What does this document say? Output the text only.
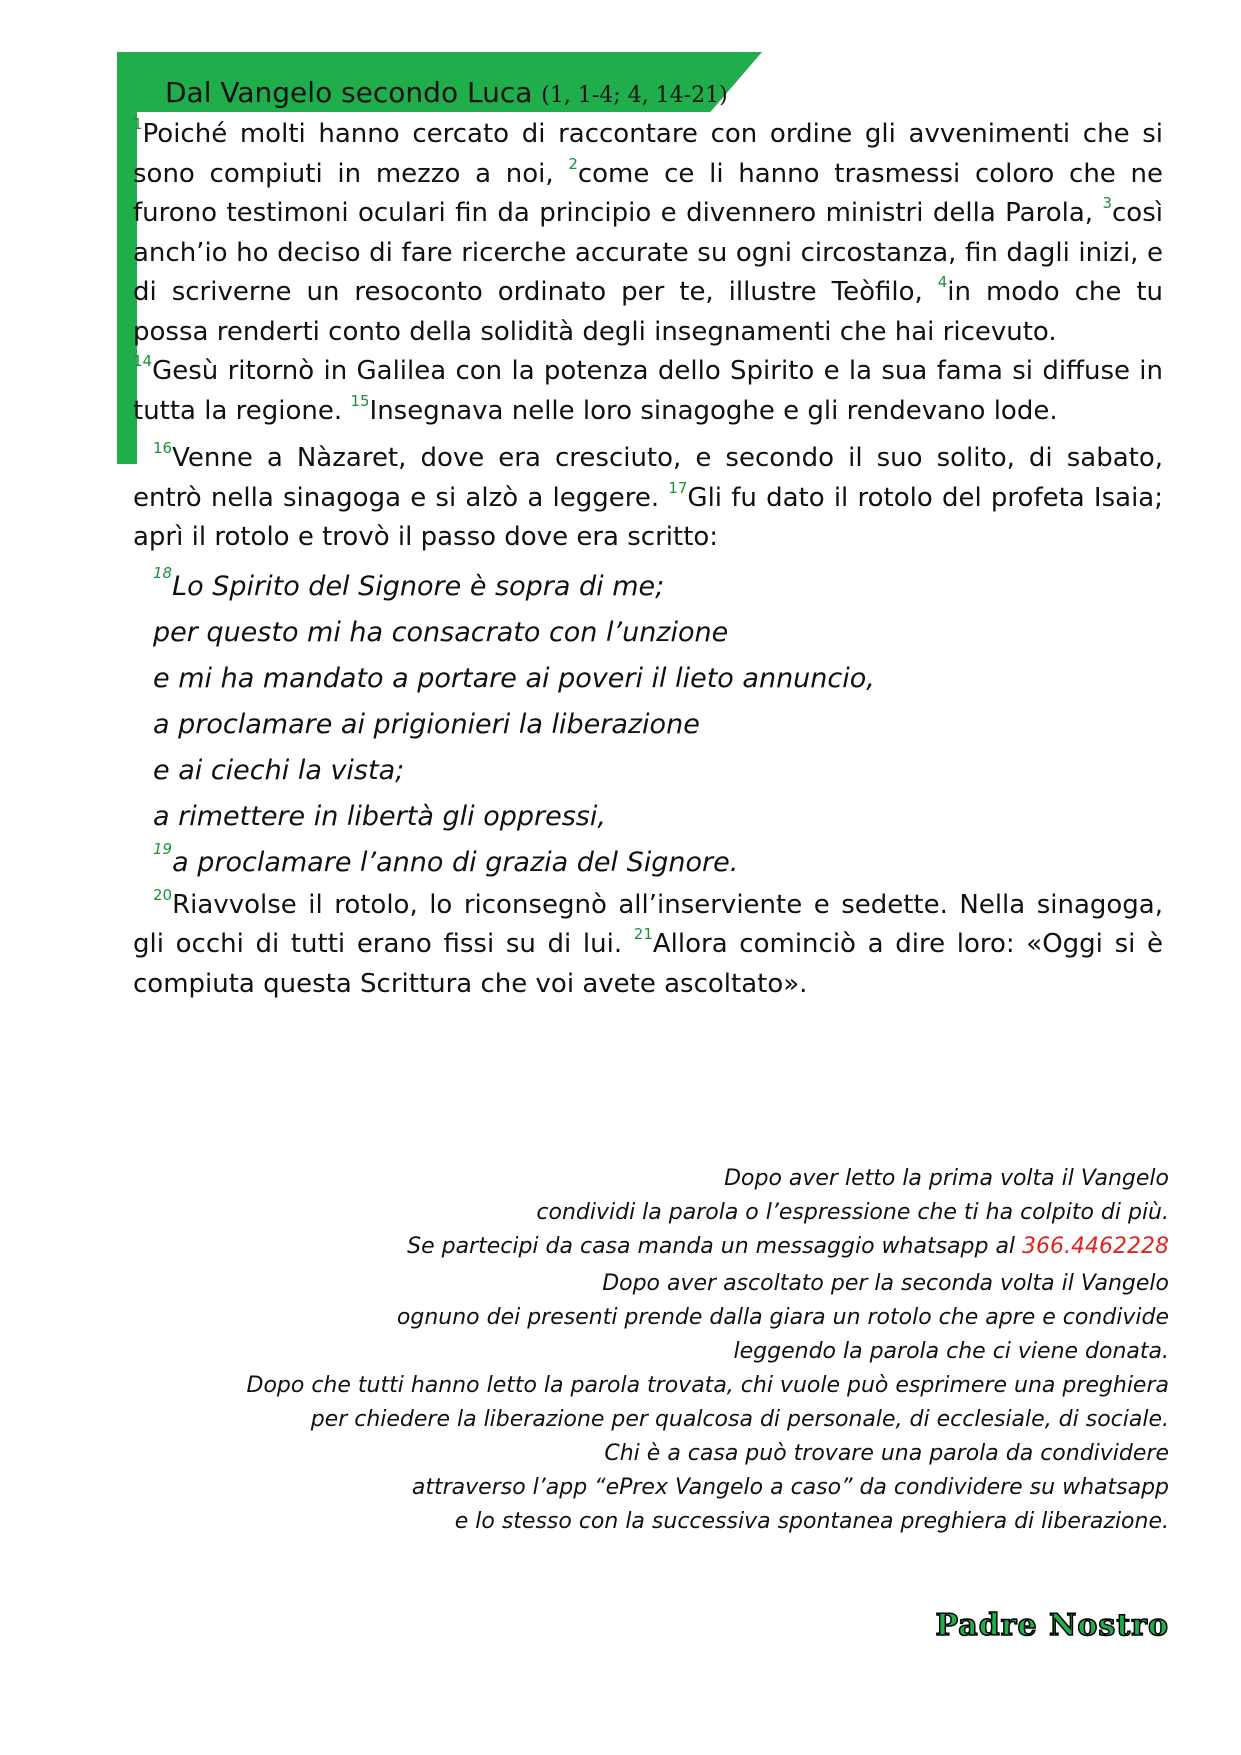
Dal Vangelo secondo Luca (1, 1-4; 4, 14-21)

$^1$Poiché molti hanno cercato di raccontare con ordine gli avvenimenti che si sono compiuti in mezzo a noi, $^2$come ce li hanno trasmessi coloro che ne furono testimoni oculari fin da principio e divennero ministri della Parola, $^3$così anch’io ho deciso di fare ricerche accurate su ogni circostanza, fin dagli inizi, e di scriverne un resoconto ordinato per te, illustre Teòfilo, $^4$in modo che tu possa renderti conto della solidità degli insegnamenti che hai ricevuto.

$^{14}$Gesù ritornò in Galilea con la potenza dello Spirito e la sua fama si diffuse in tutta la regione. $^{15}$Insegnava nelle loro sinagoghe e gli rendevano lode.

$^{16}$Venne a Nàzaret, dove era cresciuto, e secondo il suo solito, di sabato, entrò nella sinagoga e si alzò a leggere. $^{17}$Gli fu dato il rotolo del profeta Isaia; aprì il rotolo e trovò il passo dove era scritto:

$^{18}$Lo Spirito del Signore è sopra di me;

per questo mi ha consacrato con l’unzione

e mi ha mandato a portare ai poveri il lieto annuncio,

a proclamare ai prigionieri la liberazione

e ai ciechi la vista;

a rimettere in libertà gli oppressi,

$^{19}$a proclamare l’anno di grazia del Signore.

$^{20}$Riavvolse il rotolo, lo riconsegnò all’inserviente e sedette. Nella sinagoga, gli occhi di tutti erano fissi su di lui. $^{21}$Allora cominciò a dire loro: «Oggi si è compiuta questa Scrittura che voi avete ascoltato».

Dopo aver letto la prima volta il Vangelo
condividi la parola o l’espressione che ti ha colpito di più.
Se partecipi da casa manda un messaggio whatsapp al 366.4462228
Dopo aver ascoltato per la seconda volta il Vangelo
ognuno dei presenti prende dalla giara un rotolo che apre e condivide
leggendo la parola che ci viene donata.
Dopo che tutti hanno letto la parola trovata, chi vuole può esprimere una preghiera
per chiedere la liberazione per qualcosa di personale, di ecclesiale, di sociale.
Chi è a casa può trovare una parola da condividere
attraverso l’app “ePrex Vangelo a caso” da condividere su whatsapp
e lo stesso con la successiva spontanea preghiera di liberazione.
Padre Nostro
